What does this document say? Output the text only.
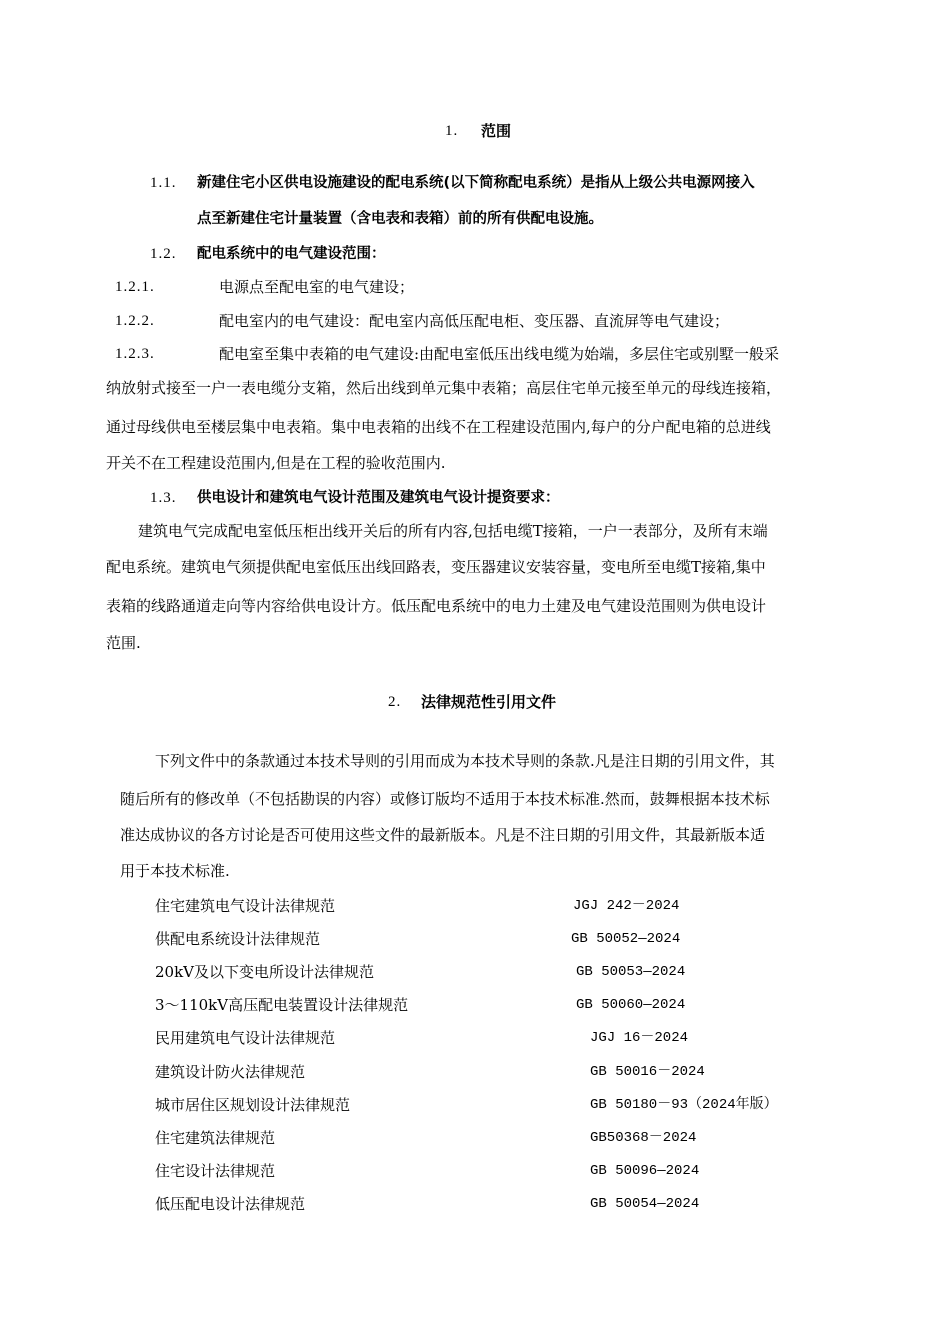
1. 范围
1.1. 新建住宅小区供电设施建设的配电系统(以下简称配电系统）是指从上级公共电源网接入
点至新建住宅计量装置（含电表和表箱）前的所有供配电设施。
1.2. 配电系统中的电气建设范围：
1.2.1.	电源点至配电室的电气建设；
1.2.2.	配电室内的电气建设：配电室内高低压配电柜、变压器、直流屏等电气建设；
1.2.3.	配电室至集中表箱的电气建设:由配电室低压出线电缆为始端，多层住宅或别墅一般采
纳放射式接至一户一表电缆分支箱，然后出线到单元集中表箱；高层住宅单元接至单元的母线连接箱，
通过母线供电至楼层集中电表箱。集中电表箱的出线不在工程建设范围内,每户的分户配电箱的总进线
开关不在工程建设范围内,但是在工程的验收范围内.
1.3. 供电设计和建筑电气设计范围及建筑电气设计提资要求：
建筑电气完成配电室低压柜出线开关后的所有内容,包括电缆T接箱，一户一表部分，及所有末端
配电系统。建筑电气须提供配电室低压出线回路表，变压器建议安装容量，变电所至电缆T接箱,集中
表箱的线路通道走向等内容给供电设计方。低压配电系统中的电力土建及电气建设范围则为供电设计
范围.
2. 法律规范性引用文件
下列文件中的条款通过本技术导则的引用而成为本技术导则的条款.凡是注日期的引用文件，其
随后所有的修改单（不包括勘误的内容）或修订版均不适用于本技术标准.然而，鼓舞根据本技术标
准达成协议的各方讨论是否可使用这些文件的最新版本。凡是不注日期的引用文件，其最新版本适
用于本技术标准.
住宅建筑电气设计法律规范	JGJ 242－2024
供配电系统设计法律规范	GB 50052—2024
20kV及以下变电所设计法律规范	GB 50053—2024
3～110kV高压配电装置设计法律规范	GB 50060—2024
民用建筑电气设计法律规范	JGJ 16－2024
建筑设计防火法律规范	GB 50016－2024
城市居住区规划设计法律规范	GB 50180－93（2024年版）
住宅建筑法律规范	GB50368－2024
住宅设计法律规范	GB 50096—2024
低压配电设计法律规范	GB 50054—2024
